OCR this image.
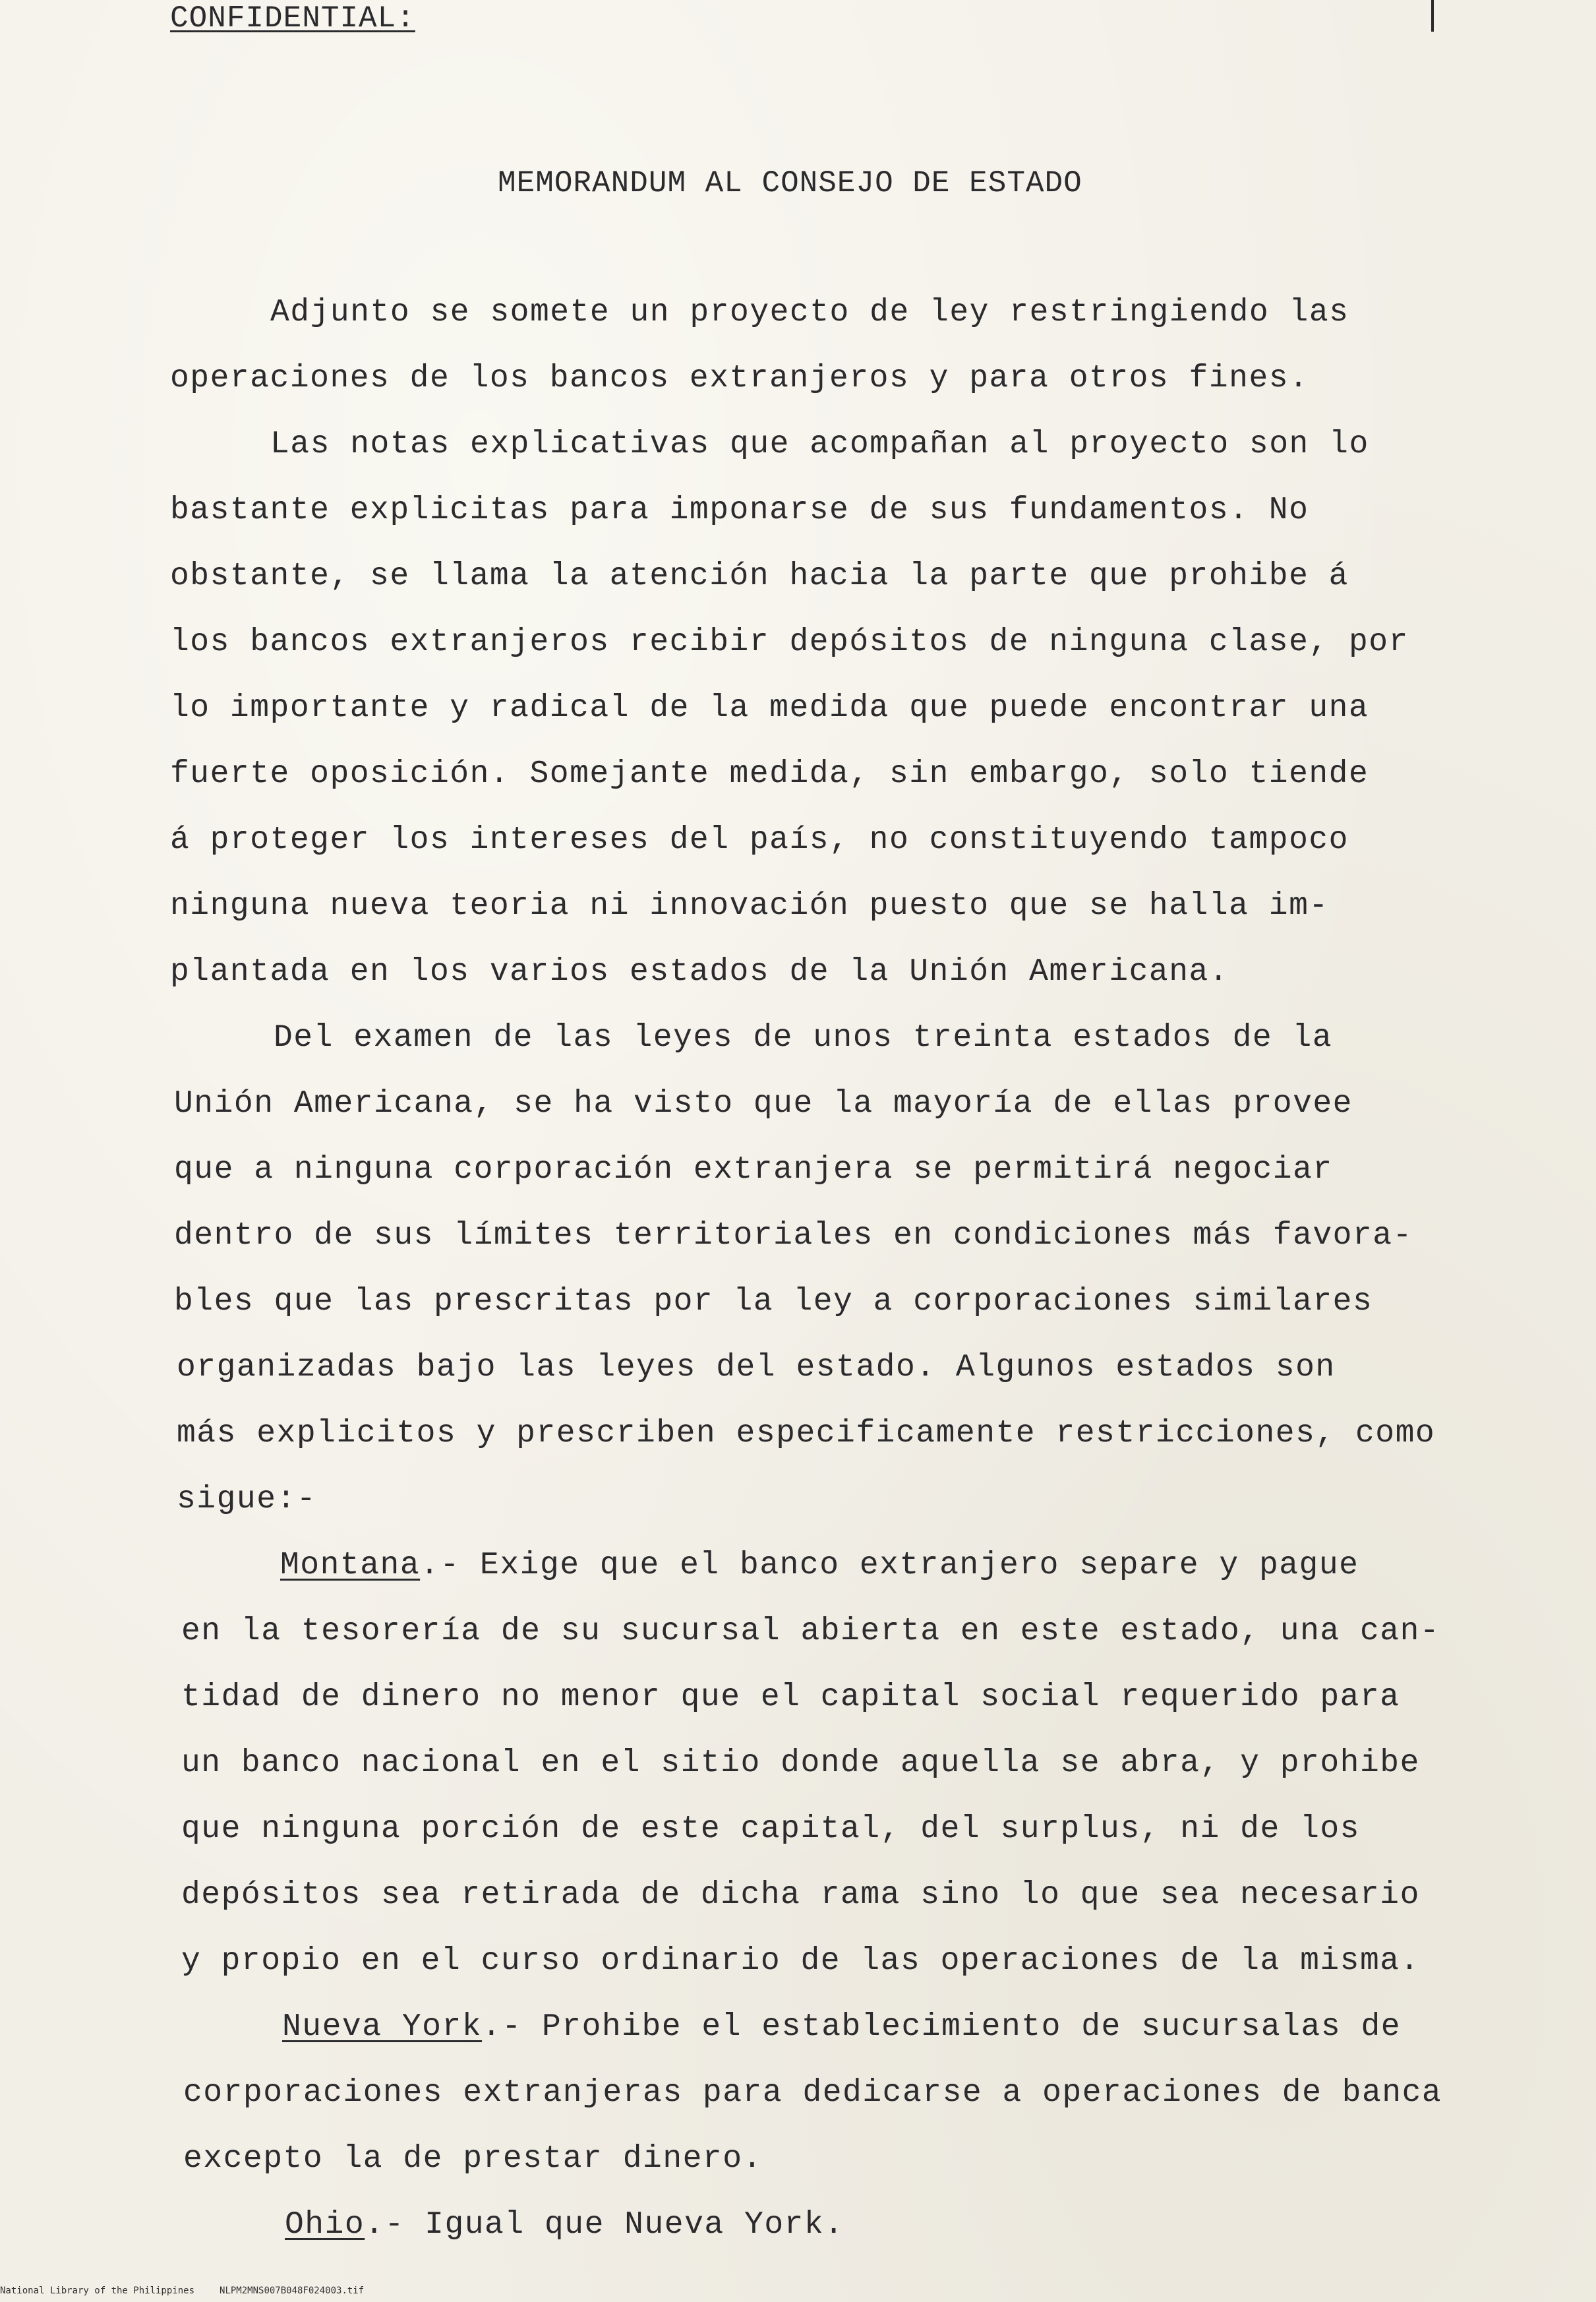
CONFIDENTIAL:
MEMORANDUM AL CONSEJO DE ESTADO
Adjunto se somete un proyecto de ley restringiendo las
operaciones de los bancos extranjeros y para otros fines.
Las notas explicativas que acompañan al proyecto son lo
bastante explicitas para imponarse de sus fundamentos. No
obstante, se llama la atención hacia la parte que prohibe á
los bancos extranjeros recibir depósitos de ninguna clase, por
lo importante y radical de la medida que puede encontrar una
fuerte oposición. Somejante medida, sin embargo, solo tiende
á proteger los intereses del país, no constituyendo tampoco
ninguna nueva teoria ni innovación puesto que se halla im-
plantada en los varios estados de la Unión Americana.
Del examen de las leyes de unos treinta estados de la
Unión Americana, se ha visto que la mayoría de ellas provee
que a ninguna corporación extranjera se permitirá negociar
dentro de sus límites territoriales en condiciones más favora-
bles que las prescritas por la ley a corporaciones similares
organizadas bajo las leyes del estado. Algunos estados son
más explicitos y prescriben especificamente restricciones, como
sigue:-
Montana.- Exige que el banco extranjero separe y pague
en la tesorería de su sucursal abierta en este estado, una can-
tidad de dinero no menor que el capital social requerido para
un banco nacional en el sitio donde aquella se abra, y prohibe
que ninguna porción de este capital, del surplus, ni de los
depósitos sea retirada de dicha rama sino lo que sea necesario
y propio en el curso ordinario de las operaciones de la misma.
Nueva York.- Prohibe el establecimiento de sucursalas de
corporaciones extranjeras para dedicarse a operaciones de banca
excepto la de prestar dinero.
Ohio.- Igual que Nueva York.
National Library of the Philippines	NLPM2MNS007B048F024003.tif
